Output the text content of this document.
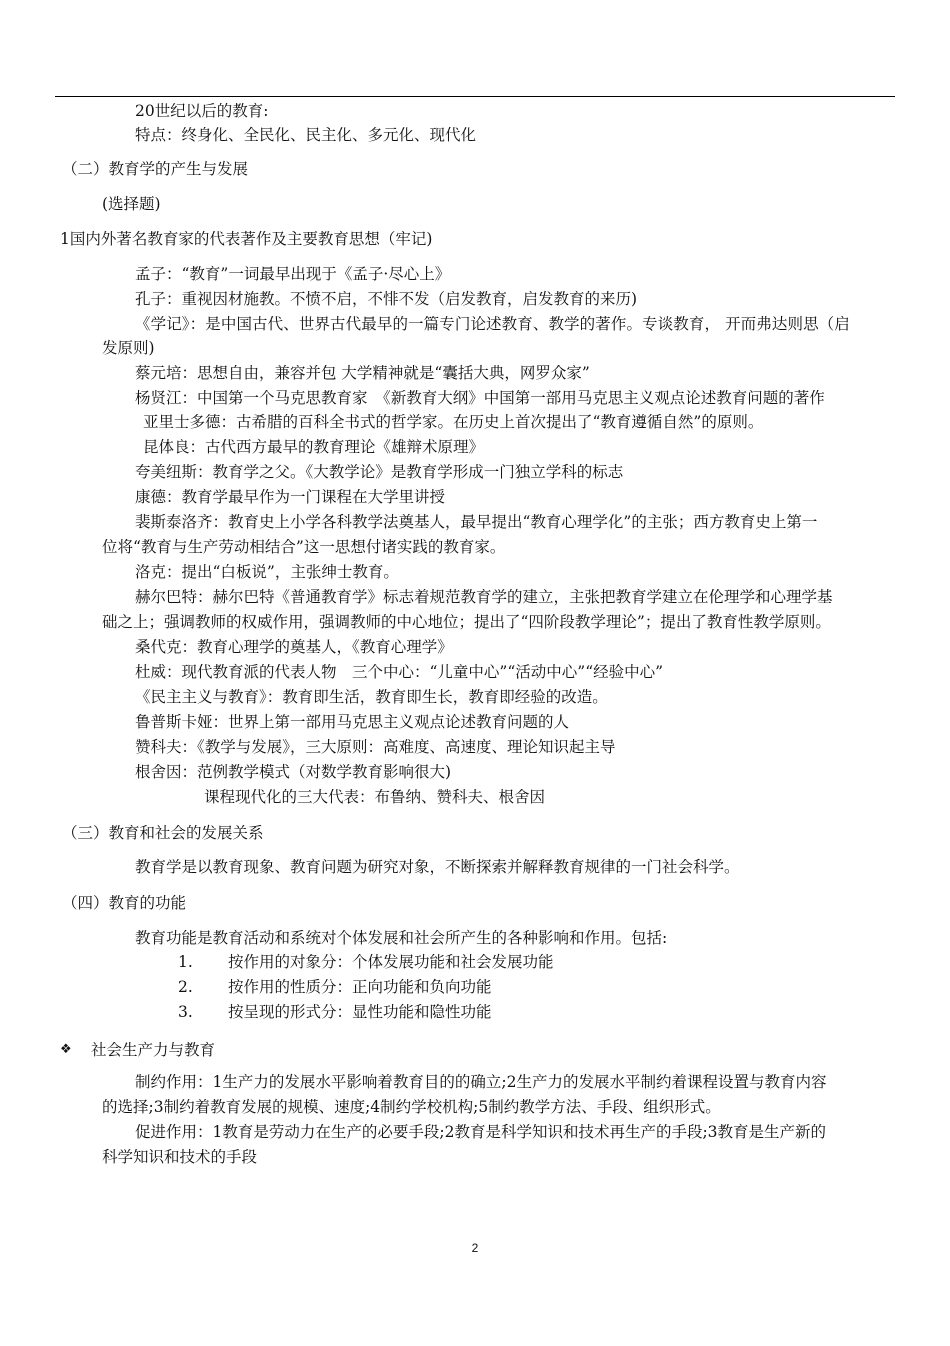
20世纪以后的教育:
特点：终身化、全民化、民主化、多元化、现代化
（二）教育学的产生与发展
(选择题)
1国内外著名教育家的代表著作及主要教育思想（牢记)
孟子：“教育”一词最早出现于《孟子·尽心上》
孔子：重视因材施教。不愤不启，不悱不发（启发教育，启发教育的来历)
《学记》：是中国古代、世界古代最早的一篇专门论述教育、教学的著作。专谈教育， 开而弗达则思（启
发原则)
蔡元培：思想自由，兼容并包 大学精神就是“囊括大典，网罗众家”
杨贤江：中国第一个马克思教育家　《新教育大纲》中国第一部用马克思主义观点论述教育问题的著作
亚里士多德：古希腊的百科全书式的哲学家。在历史上首次提出了“教育遵循自然”的原则。
昆体良：古代西方最早的教育理论《雄辩术原理》
夸美纽斯：教育学之父。《大教学论》是教育学形成一门独立学科的标志
康德：教育学最早作为一门课程在大学里讲授
裴斯泰洛齐：教育史上小学各科教学法奠基人，最早提出“教育心理学化”的主张；西方教育史上第一
位将“教育与生产劳动相结合”这一思想付诸实践的教育家。
洛克：提出“白板说”，主张绅士教育。
赫尔巴特：赫尔巴特《普通教育学》标志着规范教育学的建立，主张把教育学建立在伦理学和心理学基
础之上；强调教师的权威作用，强调教师的中心地位；提出了“四阶段教学理论”；提出了教育性教学原则。
桑代克：教育心理学的奠基人，《教育心理学》
杜威：现代教育派的代表人物　三个中心：“儿童中心”“活动中心”“经验中心”
《民主主义与教育》：教育即生活，教育即生长，教育即经验的改造。
鲁普斯卡娅：世界上第一部用马克思主义观点论述教育问题的人
赞科夫：《教学与发展》，三大原则：高难度、高速度、理论知识起主导
根舍因：范例教学模式（对数学教育影响很大)
课程现代化的三大代表：布鲁纳、赞科夫、根舍因
（三）教育和社会的发展关系
教育学是以教育现象、教育问题为研究对象，不断探索并解释教育规律的一门社会科学。
（四）教育的功能
教育功能是教育活动和系统对个体发展和社会所产生的各种影响和作用。包括:
1. 按作用的对象分：个体发展功能和社会发展功能
2. 按作用的性质分：正向功能和负向功能
3. 按呈现的形式分：显性功能和隐性功能
❖ 社会生产力与教育
制约作用：1生产力的发展水平影响着教育目的的确立;2生产力的发展水平制约着课程设置与教育内容
的选择;3制约着教育发展的规模、速度;4制约学校机构;5制约教学方法、手段、组织形式。
促进作用：1教育是劳动力在生产的必要手段;2教育是科学知识和技术再生产的手段;3教育是生产新的
科学知识和技术的手段
2
